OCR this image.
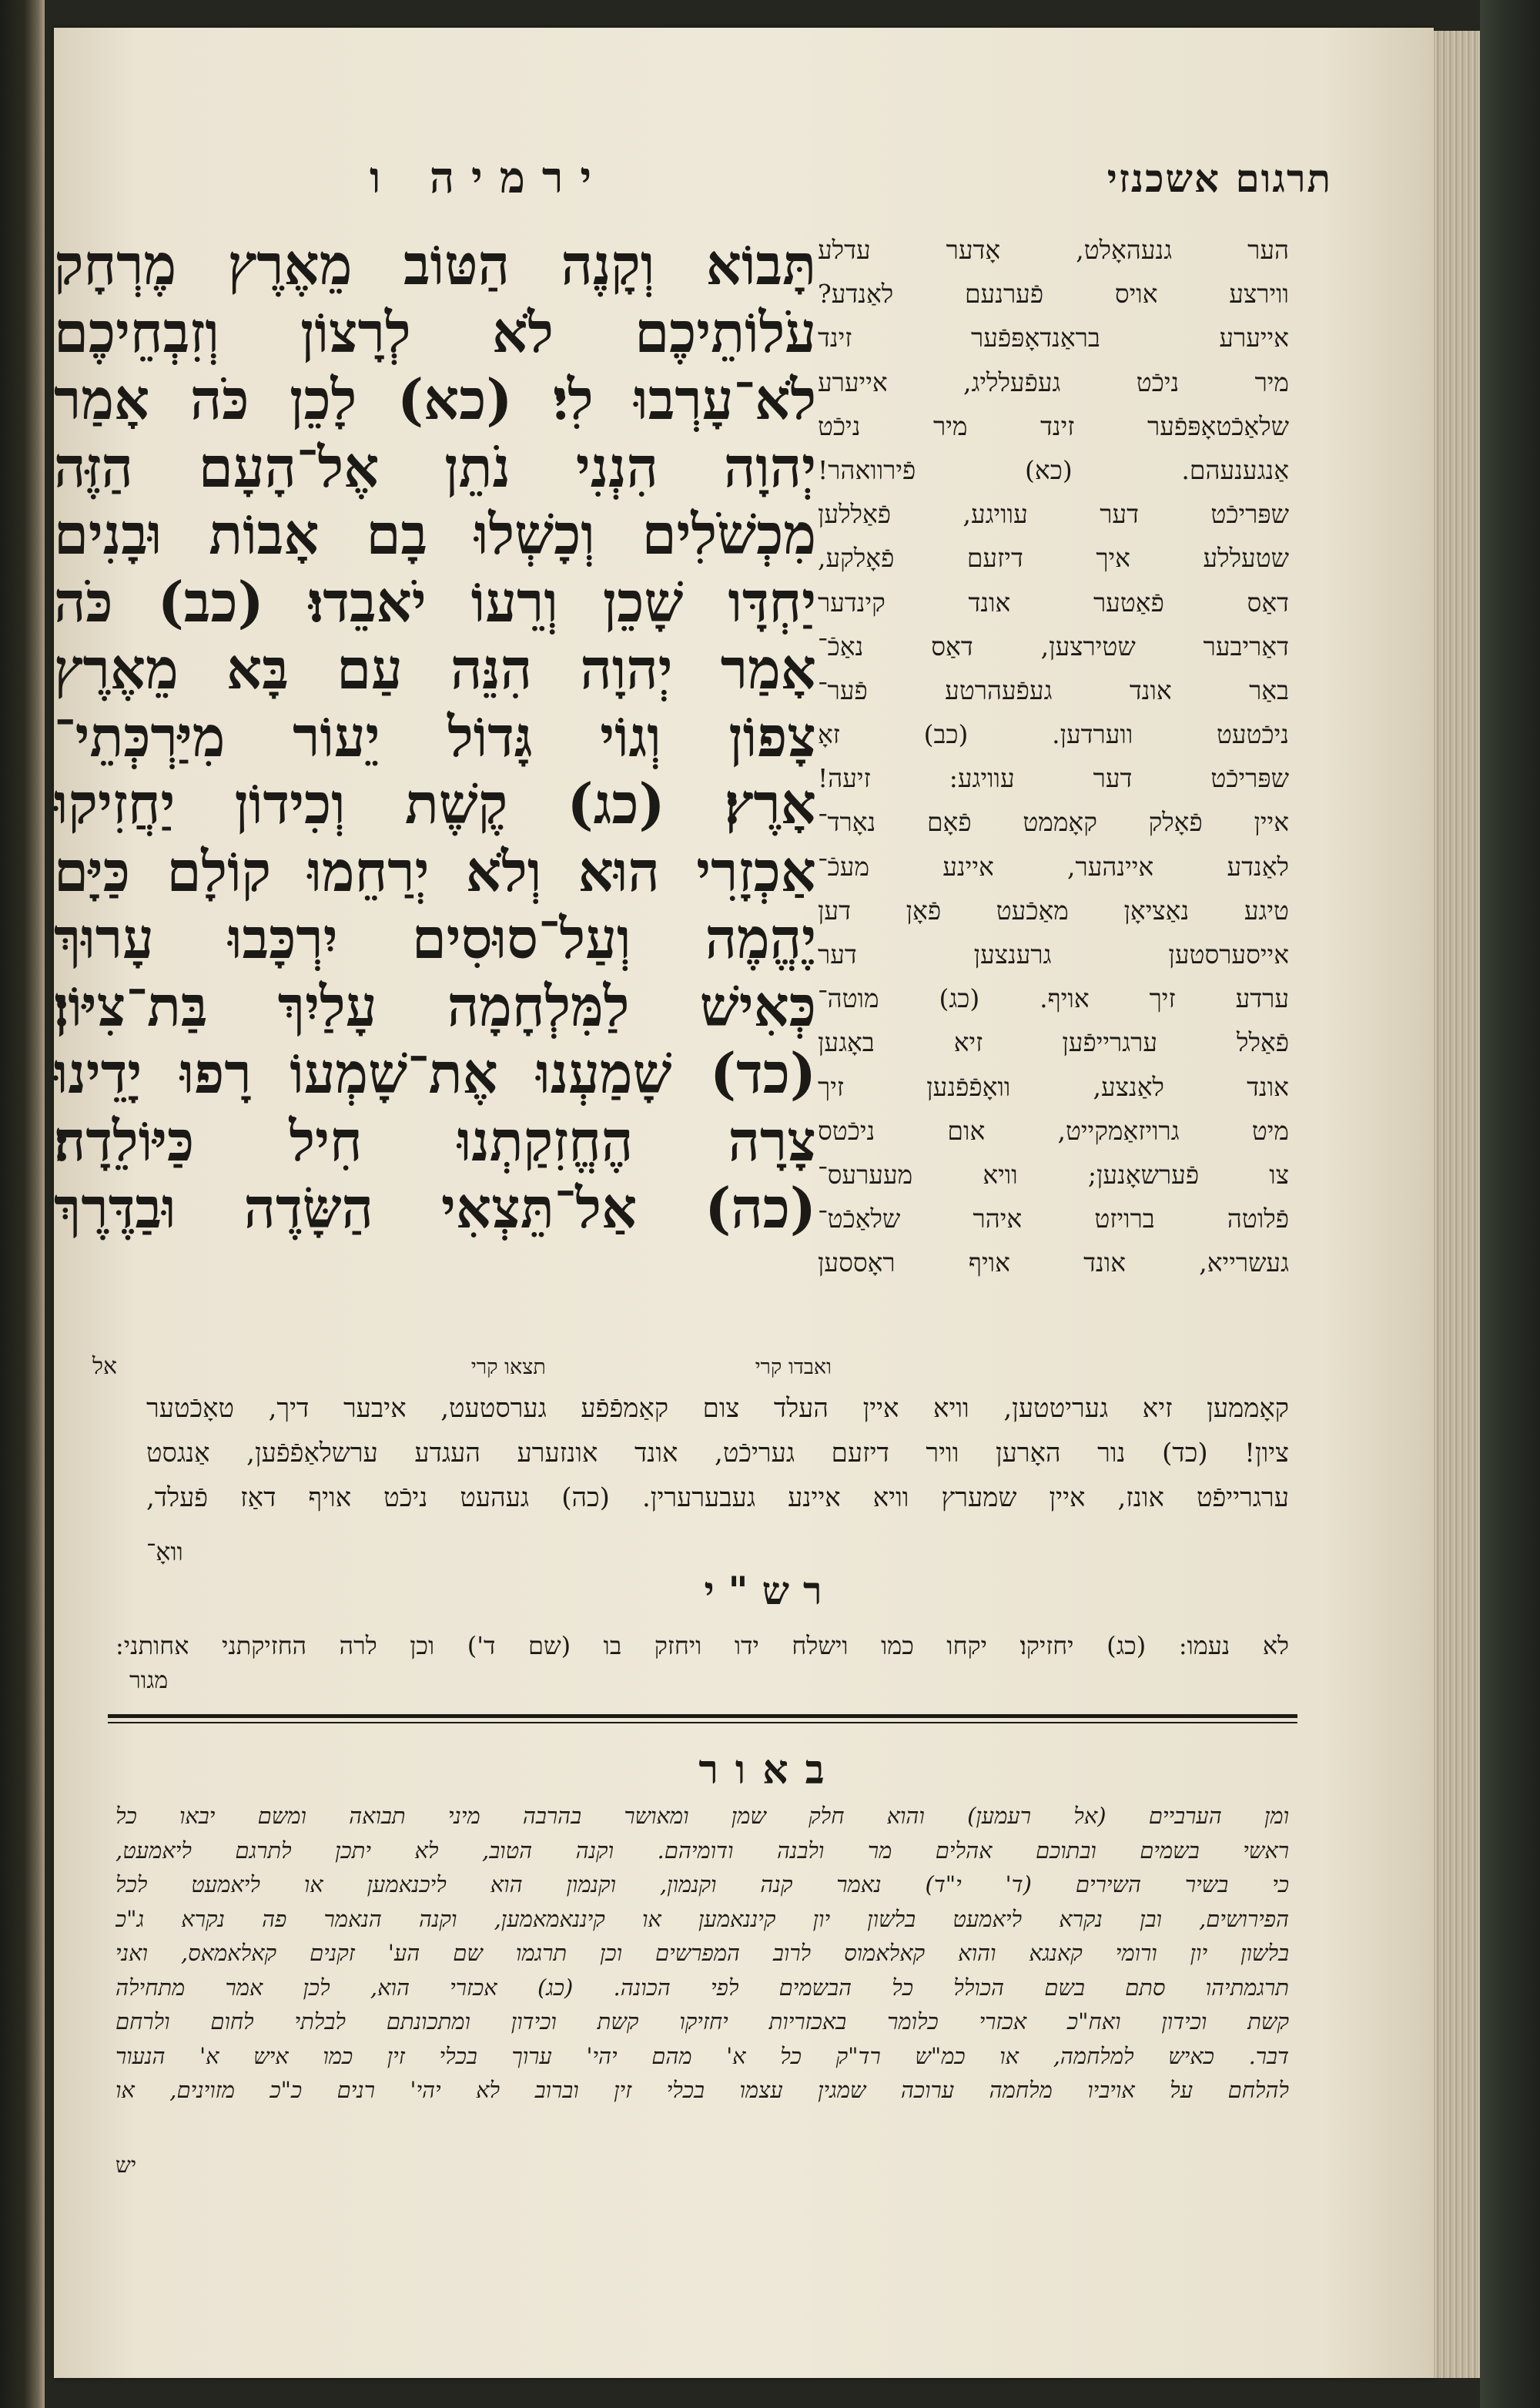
תרגום אשכנזי
ירמיה ו
תָּבוֹא וְקָנֶה הַטּוֹב מֵאֶרֶץ מֶרְחָק
עֹלוֹתֵיכֶם לֹא לְרָצוֹן וְזִבְחֵיכֶם
לֹא־עָרְבוּ לִי׃ (כא) לָכֵן כֹּה אָמַר
יְהוָה הִנְנִי נֹתֵן אֶל־הָעָם הַזֶּה
מִכְשֹׁלִים וְכָשְׁלוּ בָם אָבוֹת וּבָנִים
יַחְדָּו שָׁכֵן וְרֵעוֹ יֹאבֵדוּ׃ (כב) כֹּה
אָמַר יְהוָה הִנֵּה עַם בָּא מֵאֶרֶץ
צָפוֹן וְגוֹי גָּדוֹל יֵעוֹר מִיַּרְכְּתֵי־
אָרֶץ׃ (כג) קֶשֶׁת וְכִידוֹן יַחֲזִיקוּ
אַכְזָרִי הוּא וְלֹא יְרַחֵמוּ קוֹלָם כַּיָּם
יֶהֱמֶה וְעַל־סוּסִים יִרְכָּבוּ עָרוּךְ
כְּאִישׁ לַמִּלְחָמָה עָלַיִךְ בַּת־צִיּוֹן׃
(כד) שָׁמַעְנוּ אֶת־שָׁמְעוֹ רָפוּ יָדֵינוּ
צָרָה הֶחֱזִקַתְנוּ חִיל כַּיּוֹלֵדָה׃
(כה) אַל־תֵּצְאִי הַשָּׂדֶה וּבַדֶּרֶךְ
הער גנעהאָלט, אָדער עדלע
ווירצע אויס פֿערנעם לאַנדע?
אייערע בראַנדאָפּפֿער זינד
מיר ניכֿט געפֿעלליג, אייערע
שלאַכֿטאָפּפֿער זינד מיר ניכֿט
אַנגענעהם. (כא) פֿירוואהר!
שפּריכֿט דער עוויגע, פֿאַללען
שטעללע איך דיזעם פֿאָלקע,
דאַס פֿאַטער אונד קינדער
דאַריבער שטירצען, דאַס נאַכֿ־
באַר אונד געפֿעהרטע פֿער־
ניכֿטעט ווערדען. (כב) זאָ
שפּריכֿט דער עוויגע: זיעה!
איין פֿאָלק קאָממט פֿאָם נאָרד־
לאַנדע איינהער, איינע מעכֿ־
טיגע נאַציאָן מאַכֿעט פֿאָן דען
אייסערסטען גרענצען דער
ערדע זיך אויף. (כג) מוטה־
פֿאַלל ערגרייפֿען זיא באָגען
אונד לאַנצע, וואָפֿפֿנען זיך
מיט גרויזאַמקייט, אום ניכֿטס
צו פֿערשאָנען; וויא מעערעס־
פֿלוטה ברויזט איהר שלאַכֿט־
געשרייא, אונד אויף ראָססען
אל	ואבדו קרי
תצאו קרי
קאָממען זיא געריטטען, וויא איין העלד צום קאַמפֿפֿע גערסטעט, איבער דיך, טאָכֿטער
ציון! (כד) נור האָרען וויר דיזעם געריכֿט, אונד אונזערע העגדע ערשלאַפֿפֿען, אַנגסט
ערגרייפֿט אונז, איין שמערץ וויא איינע געבערערין. (כה) געהעט ניכֿט אויף דאַז פֿעלד,
וואָ־
רש"י
לא נעמו: (כג) יחזיקו׃ יקחו כמו וישלח ידו ויחזק בו (שם ד') וכן לרה החזיקתני אחותני:
מגור
באור
ומן הערביים (אל רעמען) והוא חלק שמן ומאושר בהרבה מיני תבואה ומשם יבאו כל
ראשי בשמים ובתוכם אהלים מר ולבנה ודומיהם. וקנה הטוב, לא יתכן לתרגם ליאמעט,
כי בשיר השירים (ד' י"ד) נאמר קנה וקנמון, וקנמון הוא ליכנאמען או ליאמעט לכל
הפירושים, ובן נקרא ליאמעט בלשון יון קיננאמען או קיננאמאמען, וקנה הנאמר פה נקרא ג"כ
בלשון יון ורומי קאנגא והוא קאלאמוס לרוב המפרשים וכן תרגמו שם הע' זקנים קאלאמאס, ואני
תרגמתיהו סתם בשם הכולל כל הבשמים לפי הכונה. (כג) אכזרי הוא, לכן אמר מתחילה
קשת וכידון ואח"כ אכזרי כלומר באכזריות יחזיקו קשת וכידון ומתכונתם לבלתי לחום ולרחם
דבר. כאיש למלחמה, או כמ"ש רד"ק כל א' מהם יהי' ערוך בכלי זין כמו איש א' הנעור
להלחם על אויביו מלחמה ערוכה שמגין עצמו בכלי זין וברוב לא יהי' רנים כ"כ מזוינים, או
יש
